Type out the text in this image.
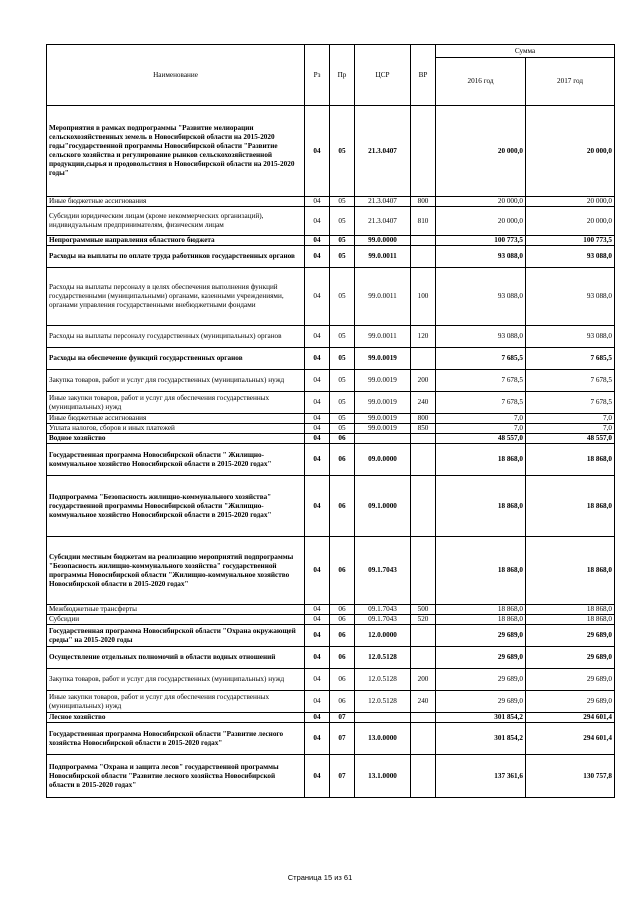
Наименование	Рз	Пр	ЦСР	ВР	Сумма	
					2016 год	2017 год
Мероприятия в рамках подпрограммы "Развитие мелиорации сельскохозяйственных земель в Новосибирской области на 2015-2020 годы"государственной программы Новосибирской области "Развитие сельского хозяйства и регулирование рынков сельскохозяйственной продукции,сырья и продовольствия в Новосибирской области на 2015-2020 годы"	04	05	21.3.0407		20 000,0	20 000,0
Иные бюджетные ассигнования	04	05	21.3.0407	800	20 000,0	20 000,0
Субсидии юридическим лицам (кроме некоммерческих организаций), индивидуальным предпринимателям, физическим лицам	04	05	21.3.0407	810	20 000,0	20 000,0
Непрограммные направления областного бюджета	04	05	99.0.0000		100 773,5	100 773,5
Расходы на выплаты по оплате труда работников государственных органов	04	05	99.0.0011		93 088,0	93 088,0
Расходы на выплаты персоналу в целях обеспечения выполнения функций государственными (муниципальными) органами, казенными учреждениями, органами управления государственными внебюджетными фондами	04	05	99.0.0011	100	93 088,0	93 088,0
Расходы на выплаты персоналу государственных (муниципальных) органов	04	05	99.0.0011	120	93 088,0	93 088,0
Расходы на обеспечение функций государственных органов	04	05	99.0.0019		7 685,5	7 685,5
Закупка товаров, работ и услуг для государственных (муниципальных) нужд	04	05	99.0.0019	200	7 678,5	7 678,5
Иные закупки товаров, работ и услуг для обеспечения государственных (муниципальных) нужд	04	05	99.0.0019	240	7 678,5	7 678,5
Иные бюджетные ассигнования	04	05	99.0.0019	800	7,0	7,0
Уплата налогов, сборов и иных платежей	04	05	99.0.0019	850	7,0	7,0
Водное хозяйство	04	06			48 557,0	48 557,0
Государственная программа Новосибирской области " Жилищно-коммунальное хозяйство Новосибирской области в 2015-2020 годах"	04	06	09.0.0000		18 868,0	18 868,0
Подпрограмма "Безопасность жилищно-коммунального хозяйства" государственной программы Новосибирской области "Жилищно-коммунальное хозяйство Новосибирской области в 2015-2020 годах"	04	06	09.1.0000		18 868,0	18 868,0
Субсидии местным бюджетам на реализацию мероприятий подпрограммы "Безопасность жилищно-коммунального хозяйства" государственной программы Новосибирской области "Жилищно-коммунальное хозяйство Новосибирской области в 2015-2020 годах"	04	06	09.1.7043		18 868,0	18 868,0
Межбюджетные трансферты	04	06	09.1.7043	500	18 868,0	18 868,0
Субсидии	04	06	09.1.7043	520	18 868,0	18 868,0
Государственная программа Новосибирской области "Охрана окружающей среды" на 2015-2020 годы	04	06	12.0.0000		29 689,0	29 689,0
Осуществление отдельных полномочий в области водных отношений	04	06	12.0.5128		29 689,0	29 689,0
Закупка товаров, работ и услуг для государственных (муниципальных) нужд	04	06	12.0.5128	200	29 689,0	29 689,0
Иные закупки товаров, работ и услуг для обеспечения государственных (муниципальных) нужд	04	06	12.0.5128	240	29 689,0	29 689,0
Лесное хозяйство	04	07			301 854,2	294 601,4
Государственная программа Новосибирской области "Развитие лесного хозяйства Новосибирской области в 2015-2020 годах"	04	07	13.0.0000		301 854,2	294 601,4
Подпрограмма "Охрана и защита лесов" государственной программы Новосибирской области "Развитие лесного хозяйства Новосибирской области в 2015-2020 годах"	04	07	13.1.0000		137 361,6	130 757,8
Страница 15 из 61
